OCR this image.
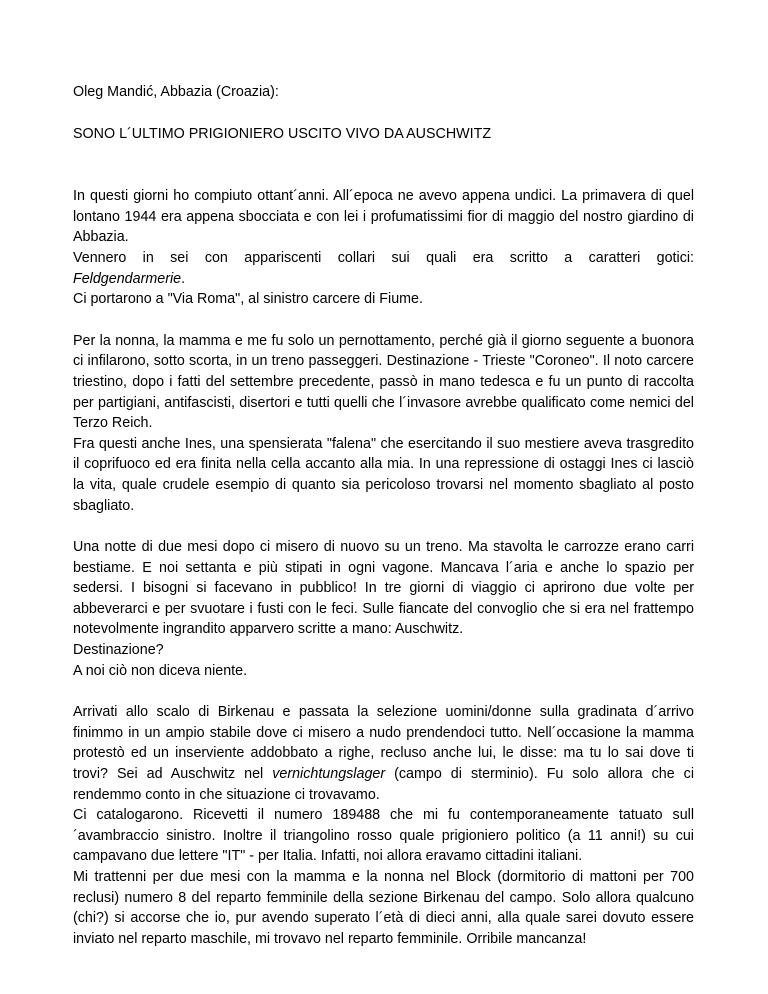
Oleg Mandić, Abbazia (Croazia):

SONO L´ULTIMO PRIGIONIERO USCITO VIVO DA AUSCHWITZ

In questi giorni ho compiuto ottant´anni. All´epoca ne avevo appena undici. La primavera di quel lontano 1944 era appena sbocciata e con lei i profumatissimi fior di maggio del nostro giardino di Abbazia.

Vennero in sei con appariscenti collari sui quali era scritto a caratteri gotici:

Feldgendarmerie.

Ci portarono a "Via Roma", al sinistro carcere di Fiume.

Per la nonna, la mamma e me fu solo un pernottamento, perché già il giorno seguente a buonora ci infilarono, sotto scorta, in un treno passeggeri. Destinazione - Trieste "Coroneo". Il noto carcere triestino, dopo i fatti del settembre precedente, passò in mano tedesca e fu un punto di raccolta per partigiani, antifascisti, disertori e tutti quelli che l´invasore avrebbe qualificato come nemici del Terzo Reich.

Fra questi anche Ines, una spensierata "falena" che esercitando il suo mestiere aveva trasgredito il coprifuoco ed era finita nella cella accanto alla mia. In una repressione di ostaggi Ines ci lasciò la vita, quale crudele esempio di quanto sia pericoloso trovarsi nel momento sbagliato al posto sbagliato.

Una notte di due mesi dopo ci misero di nuovo su un treno. Ma stavolta le carrozze erano carri bestiame. E noi settanta e più stipati in ogni vagone. Mancava l´aria e anche lo spazio per sedersi. I bisogni si facevano in pubblico! In tre giorni di viaggio ci aprirono due volte per abbeverarci e per svuotare i fusti con le feci. Sulle fiancate del convoglio che si era nel frattempo notevolmente ingrandito apparvero scritte a mano: Auschwitz.

Destinazione?

A noi ciò non diceva niente.

Arrivati allo scalo di Birkenau e passata la selezione uomini/donne sulla gradinata d´arrivo finimmo in un ampio stabile dove ci misero a nudo prendendoci tutto. Nell´occasione la mamma protestò ed un inserviente addobbato a righe, recluso anche lui, le disse: ma tu lo sai dove ti trovi? Sei ad Auschwitz nel vernichtungslager (campo di sterminio). Fu solo allora che ci rendemmo conto in che situazione ci trovavamo.

Ci catalogarono. Ricevetti il numero 189488 che mi fu contemporaneamente tatuato sull´avambraccio sinistro. Inoltre il triangolino rosso quale prigioniero politico (a 11 anni!) su cui campavano due lettere "IT" - per Italia. Infatti, noi allora eravamo cittadini italiani.

Mi trattenni per due mesi con la mamma e la nonna nel Block (dormitorio di mattoni per 700 reclusi) numero 8 del reparto femminile della sezione Birkenau del campo. Solo allora qualcuno (chi?) si accorse che io, pur avendo superato l´età di dieci anni, alla quale sarei dovuto essere inviato nel reparto maschile, mi trovavo nel reparto femminile. Orribile mancanza!
